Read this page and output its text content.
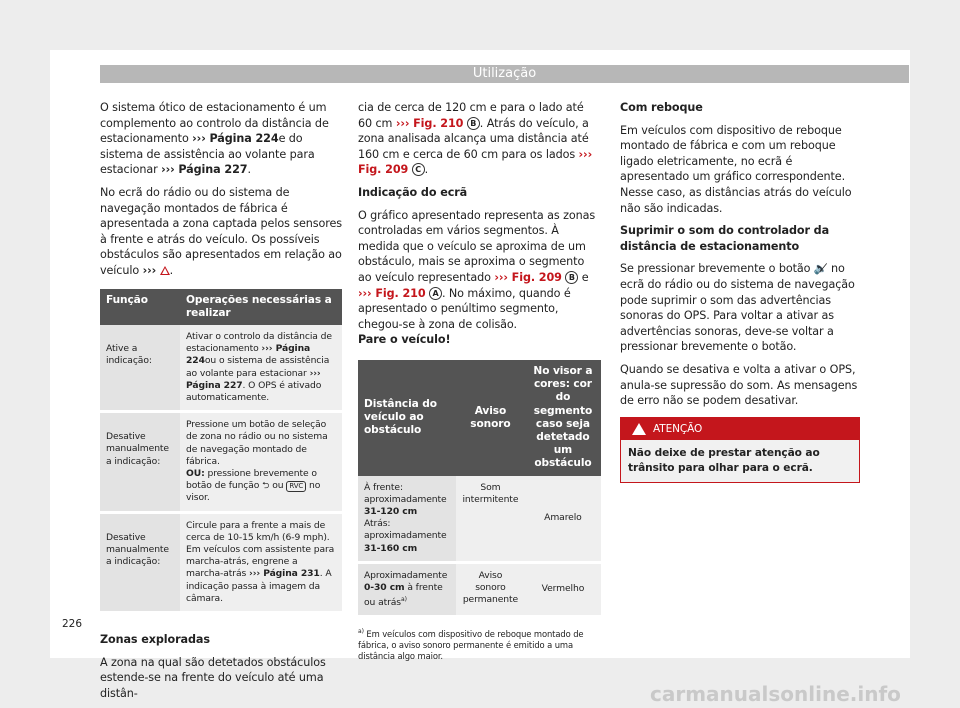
Utilização

O sistema ótico de estacionamento é um complemento ao controlo da distância de estacionamento ››› Página 224e do sistema de assistência ao volante para estacionar ››› Página 227.

No ecrã do rádio ou do sistema de navegação montados de fábrica é apresentada a zona captada pelos sensores à frente e atrás do veículo. Os possíveis obstáculos são apresentados em relação ao veículo ››› .

Função	Operações necessárias a realizar
Ative a indicação:	Ativar o controlo da distância de estacionamento ››› Página 224ou o sistema de assistência ao volante para estacionar ››› Página 227. O OPS é ativado automaticamente.
Desative manualmente a indicação:	Pressione um botão de seleção de zona no rádio ou no sistema de navegação montado de fábrica.
OU: pressione brevemente o botão de função ⮌ ou RVC no visor.
Desative manualmente a indicação:	Circule para a frente a mais de cerca de 10-15 km/h (6-9 mph).
Em veículos com assistente para marcha-atrás, engrene a marcha-atrás ››› Página 231. A indicação passa à imagem da câmara.

Zonas exploradas

A zona na qual são detetados obstáculos estende-se na frente do veículo até uma distân-

cia de cerca de 120 cm e para o lado até 60 cm ››› Fig. 210 B . Atrás do veículo, a zona analisada alcança uma distância até 160 cm e cerca de 60 cm para os lados ››› Fig. 209 C .

Indicação do ecrã

O gráfico apresentado representa as zonas controladas em vários segmentos. À medida que o veículo se aproxima de um obstáculo, mais se aproxima o segmento ao veículo representado ››› Fig. 209 B e ››› Fig. 210 A . No máximo, quando é apresentado o penúltimo segmento, chegou-se à zona de colisão.
Pare o veículo!

Distância do veículo ao obstáculo	Aviso sonoro	No visor a cores: cor do segmento caso seja detetado um obstáculo
À frente: aproximadamente 31-120 cm
Atrás: aproximadamente 31-160 cm	Som intermitente	Amarelo
Aproximadamente 0-30 cm à frente ou atrás$^{a)}$	Aviso sonoro permanente	Vermelho
$^{a)}$ Em veículos com dispositivo de reboque montado de fábrica, o aviso sonoro permanente é emitido a uma distância algo maior.

Com reboque

Em veículos com dispositivo de reboque montado de fábrica e com um reboque ligado eletricamente, no ecrã é apresentado um gráfico correspondente. Nesse caso, as distâncias atrás do veículo não são indicadas.

Suprimir o som do controlador da distância de estacionamento

Se pressionar brevemente o botão 🔈̸ no ecrã do rádio ou do sistema de navegação pode suprimir o som das advertências sonoras do OPS. Para voltar a ativar as advertências sonoras, deve-se voltar a pressionar brevemente o botão.

Quando se desativa e volta a ativar o OPS, anula-se supressão do som. As mensagens de erro não se podem desativar.

ATENÇÃO
Não deixe de prestar atenção ao trânsito para olhar para o ecrã.
226
carmanualsonline.info
